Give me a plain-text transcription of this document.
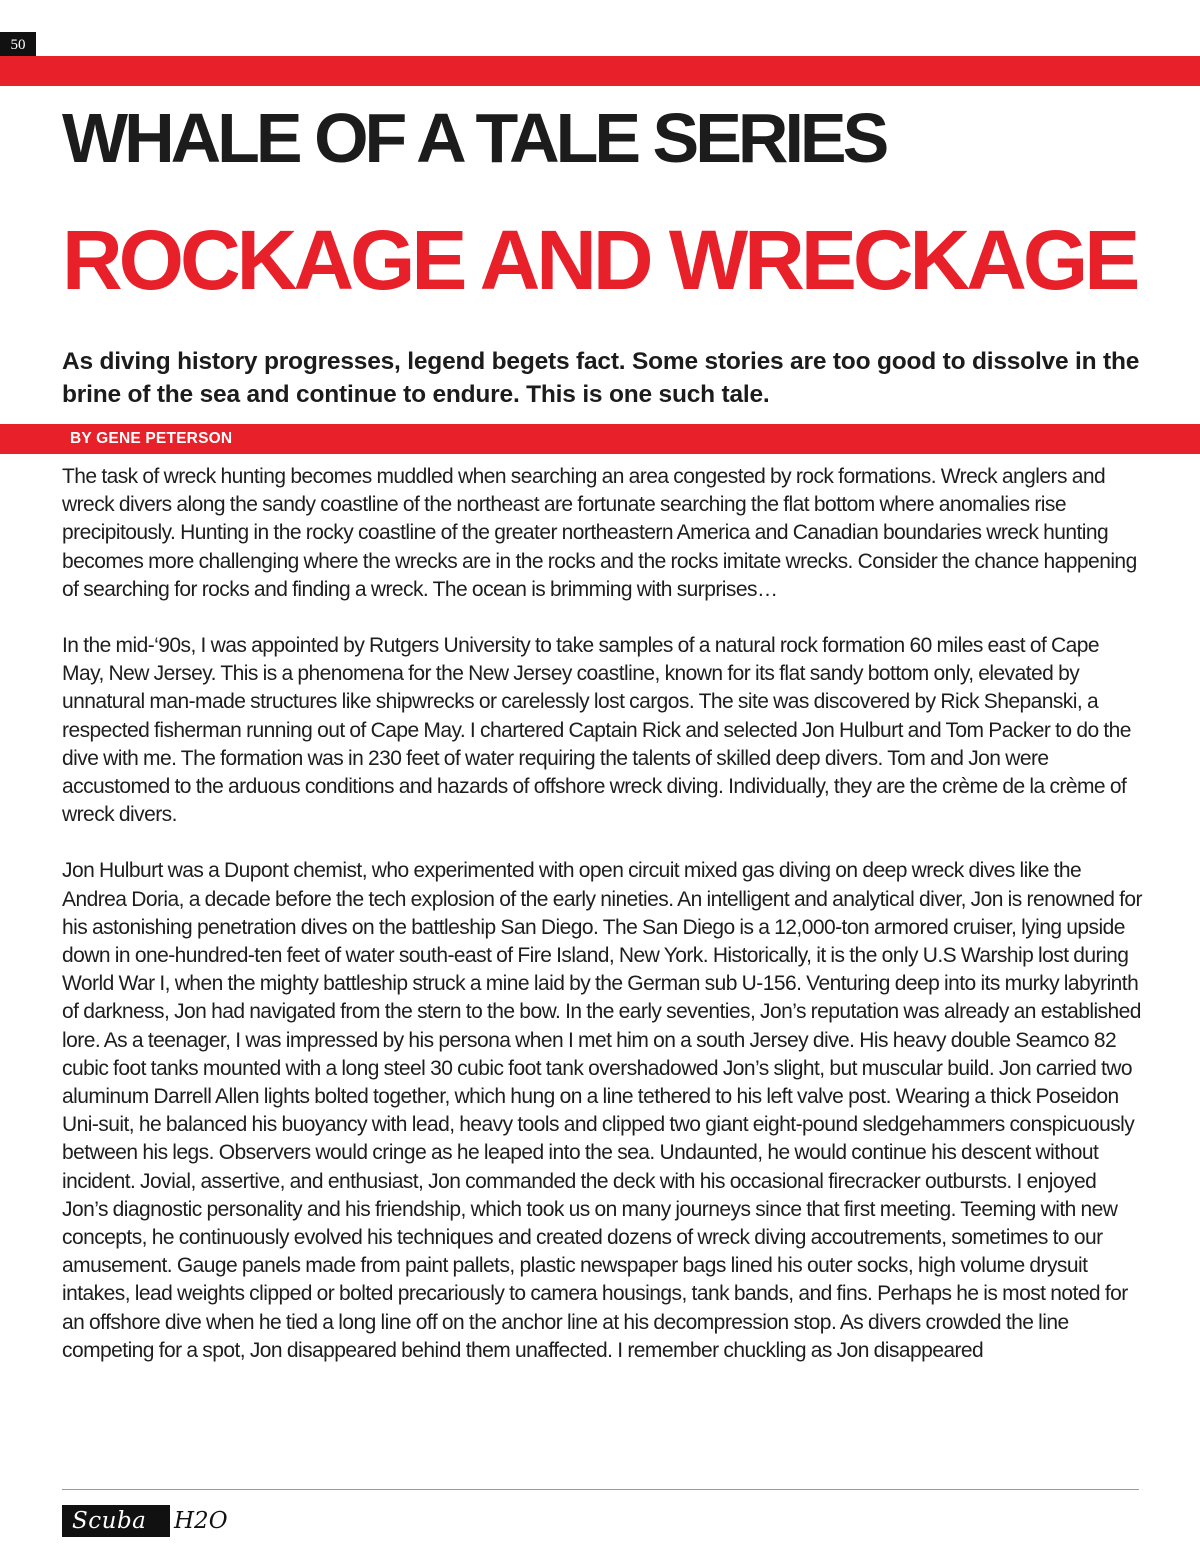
50
WHALE OF A TALE SERIES
ROCKAGE AND WRECKAGE

As diving history progresses, legend begets fact. Some stories are too good to dissolve in the brine of the sea and continue to endure. This is one such tale.

BY GENE PETERSON

The task of wreck hunting becomes muddled when searching an area congested by rock formations. Wreck anglers and wreck divers along the sandy coastline of the northeast are fortunate searching the flat bottom where anomalies rise precipitously. Hunting in the rocky coastline of the greater northeastern America and Canadian boundaries wreck hunting becomes more challenging where the wrecks are in the rocks and the rocks imitate wrecks. Consider the chance happening of searching for rocks and finding a wreck. The ocean is brimming with surprises…

In the mid-‘90s, I was appointed by Rutgers University to take samples of a natural rock formation 60 miles east of Cape May, New Jersey. This is a phenomena for the New Jersey coastline, known for its flat sandy bottom only, elevated by unnatural man-made structures like shipwrecks or carelessly lost cargos. The site was discovered by Rick Shepanski, a respected fisherman running out of Cape May. I chartered Captain Rick and selected Jon Hulburt and Tom Packer to do the dive with me. The formation was in 230 feet of water requiring the talents of skilled deep divers. Tom and Jon were accustomed to the arduous conditions and hazards of offshore wreck diving. Individually, they are the crème de la crème of wreck divers.

Jon Hulburt was a Dupont chemist, who experimented with open circuit mixed gas diving on deep wreck dives like the Andrea Doria, a decade before the tech explosion of the early nineties. An intelligent and analytical diver, Jon is renowned for his astonishing penetration dives on the battleship San Diego. The San Diego is a 12,000-ton armored cruiser, lying upside down in one-hundred-ten feet of water south-east of Fire Island, New York. Historically, it is the only U.S Warship lost during World War I, when the mighty battleship struck a mine laid by the German sub U-156. Venturing deep into its murky labyrinth of darkness, Jon had navigated from the stern to the bow. In the early seventies, Jon’s reputation was already an established lore. As a teenager, I was impressed by his persona when I met him on a south Jersey dive. His heavy double Seamco 82 cubic foot tanks mounted with a long steel 30 cubic foot tank overshadowed Jon’s slight, but muscular build. Jon carried two aluminum Darrell Allen lights bolted together, which hung on a line tethered to his left valve post. Wearing a thick Poseidon Uni-suit, he balanced his buoyancy with lead, heavy tools and clipped two giant eight-pound sledgehammers conspicuously between his legs. Observers would cringe as he leaped into the sea. Undaunted, he would continue his descent without incident. Jovial, assertive, and enthusiast, Jon commanded the deck with his occasional firecracker outbursts. I enjoyed Jon’s diagnostic personality and his friendship, which took us on many journeys since that first meeting. Teeming with new concepts, he continuously evolved his techniques and created dozens of wreck diving accoutrements, sometimes to our amusement. Gauge panels made from paint pallets, plastic newspaper bags lined his outer socks, high volume drysuit intakes, lead weights clipped or bolted precariously to camera housings, tank bands, and fins. Perhaps he is most noted for an offshore dive when he tied a long line off on the anchor line at his decompression stop. As divers crowded the line competing for a spot, Jon disappeared behind them unaffected. I remember chuckling as Jon disappeared

Scuba	H2O
